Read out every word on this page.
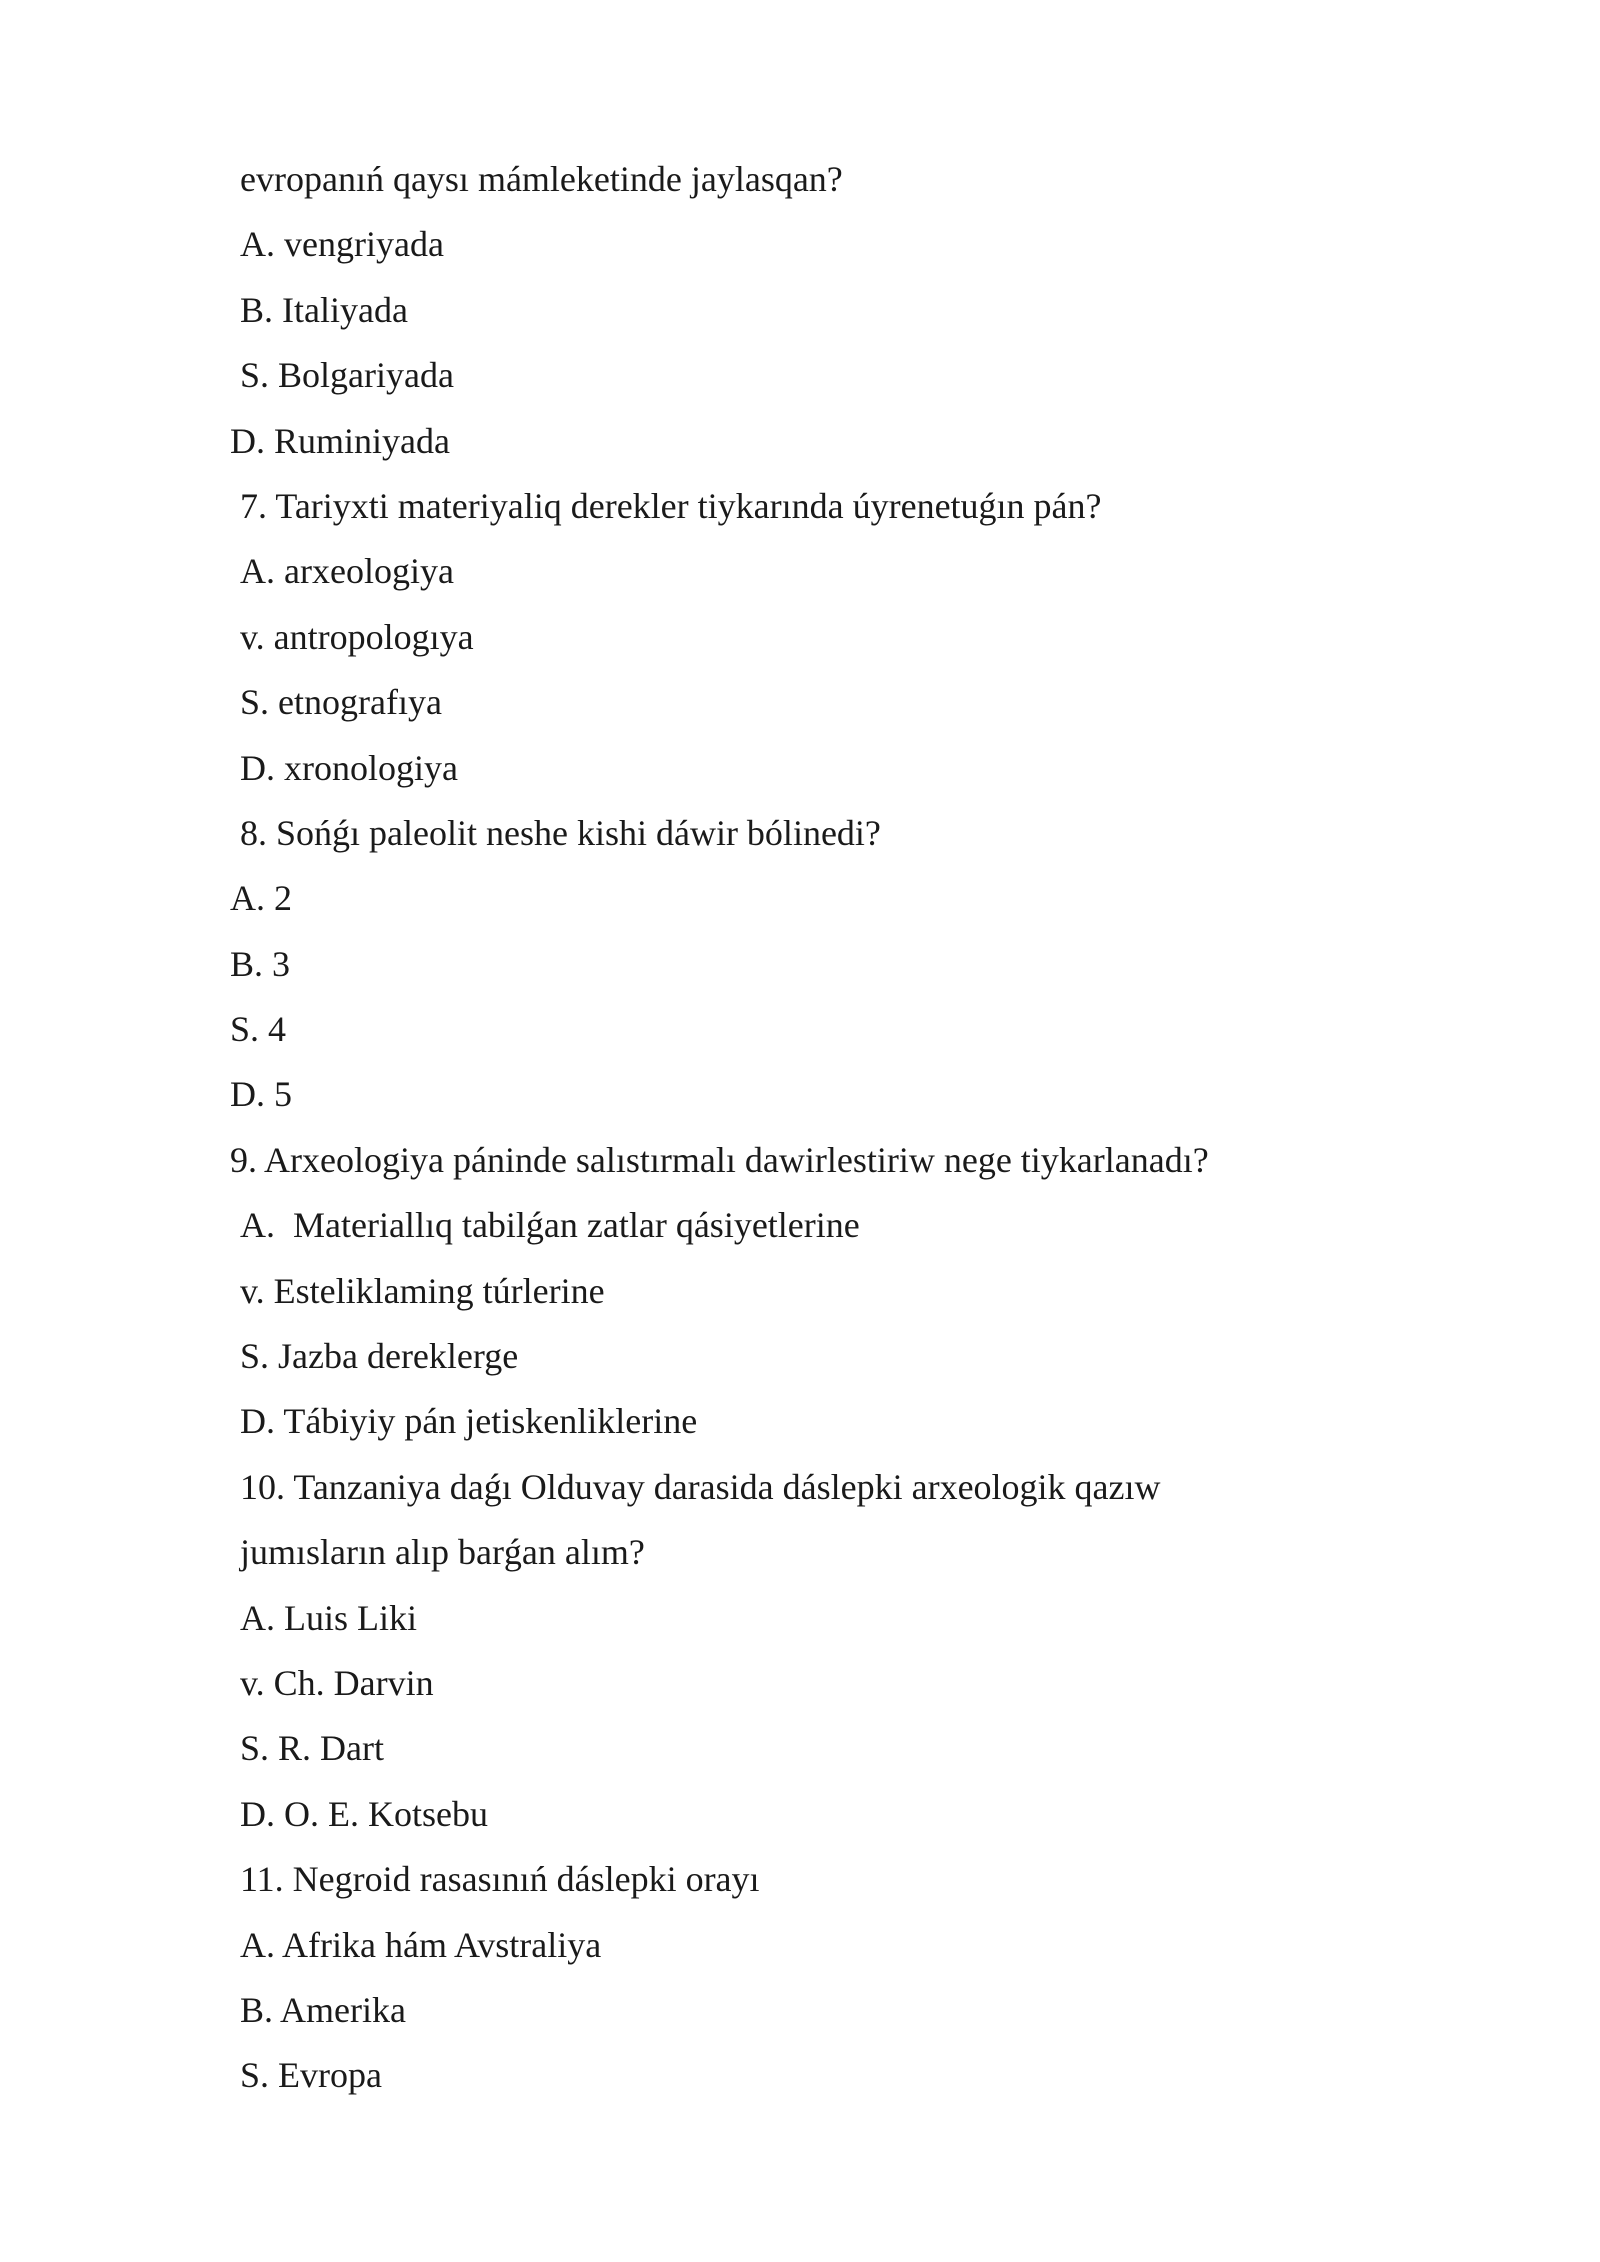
evropanıń qaysı mámleketinde jaylasqan?
A. vengriyada
B. Italiyada
S. Bolgariyada
D. Ruminiyada
7. Tariyxti materiyaliq derekler tiykarında úyrenetuǵın pán?
A. arxeologiya
v. antropologıya
S. etnografıya
D. xronologiya
8. Sońǵı paleolit neshe kishi dáwir bólinedi?
A. 2
B. 3
S. 4
D. 5
9. Arxeologiya páninde salıstırmalı dawirlestiriw nege tiykarlanadı?
A.  Materiallıq tabilǵan zatlar qásiyetlerine
v. Esteliklaming túrlerine
S. Jazba dereklerge
D. Tábiyiy pán jetiskenliklerine
10. Tanzaniya daǵı Olduvay darasida dáslepki arxeologik qazıw
jumısların alıp barǵan alım?
A. Luis Liki
v. Ch. Darvin
S. R. Dart
D. O. E. Kotsebu
11. Negroid rasasınıń dáslepki orayı
A. Afrika hám Avstraliya
B. Amerika
S. Evropa
